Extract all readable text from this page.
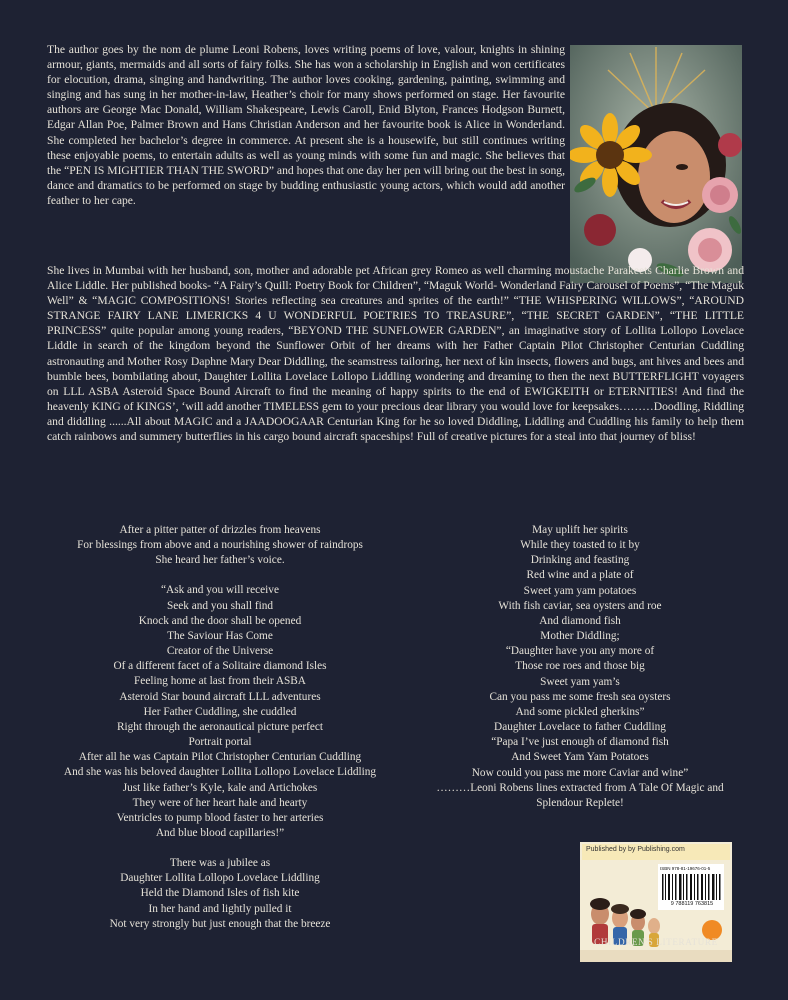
The author goes by the nom de plume Leoni Robens, loves writing poems of love, valour, knights in shining armour, giants, mermaids and all sorts of fairy folks. She has won a scholarship in English and won certificates for elocution, drama, singing and handwriting. The author loves cooking, gardening, painting, swimming and singing and has sung in her mother-in-law, Heather’s choir for many shows performed on stage. Her favourite authors are George Mac Donald, William Shakespeare, Lewis Caroll, Enid Blyton, Frances Hodgson Burnett, Edgar Allan Poe, Palmer Brown and Hans Christian Anderson and her favourite book is Alice in Wonderland. She completed her bachelor’s degree in commerce. At present she is a housewife, but still continues writing these enjoyable poems, to entertain adults as well as young minds with some fun and magic. She believes that the “PEN IS MIGHTIER THAN THE SWORD” and hopes that one day her pen will bring out the best in song, dance and dramatics to be performed on stage by budding enthusiastic young actors, which would add another feather to her cape.

She lives in Mumbai with her husband, son, mother and adorable pet African grey Romeo as well charming moustache Parakeets Charlie Brown and Alice Liddle. Her published books- “A Fairy’s Quill: Poetry Book for Children”, “Maguk World- Wonderland Fairy Carousel of Poems”, “The Maguk Well” & “MAGIC COMPOSITIONS! Stories reflecting sea creatures and sprites of the earth!” “THE WHISPERING WILLOWS”, “AROUND STRANGE FAIRY LANE LIMERICKS 4 U WONDERFUL POETRIES TO TREASURE”, “THE SECRET GARDEN”, “THE LITTLE PRINCESS” quite popular among young readers, “BEYOND THE SUNFLOWER GARDEN”, an imaginative story of Lollita Lollopo Lovelace Liddle in search of the kingdom beyond the Sunflower Orbit of her dreams with her Father Captain Pilot Christopher Centurian Cuddling astronauting and Mother Rosy Daphne Mary Dear Diddling, the seamstress tailoring, her next of kin insects, flowers and bugs, ant hives and bees and bumble bees, bombilating about, Daughter Lollita Lovelace Lollopo Liddling wondering and dreaming to then the next BUTTERFLIGHT voyagers on LLL ASBA Asteroid Space Bound Aircraft to find the meaning of happy spirits to the end of EWIGKEITH or ETERNITIES! And find the heavenly KING of KINGS’, ‘will add another TIMELESS gem to your precious dear library you would love for keepsakes………Doodling, Riddling and diddling ......All about MAGIC and a JAADOOGAAR Centurian King for he so loved Diddling, Liddling and Cuddling his family to help them catch rainbows and summery butterflies in his cargo bound aircraft spaceships! Full of creative pictures for a steal into that journey of bliss!

After a pitter patter of drizzles from heavens
For blessings from above and a nourishing shower of raindrops
She heard her father’s voice.
“Ask and you will receive
Seek and you shall find
Knock and the door shall be opened
The Saviour Has Come
Creator of the Universe
Of a different facet of a Solitaire diamond Isles
Feeling home at last from their ASBA
Asteroid Star bound aircraft LLL adventures
Her Father Cuddling, she cuddled
Right through the aeronautical picture perfect
Portrait portal
After all he was Captain Pilot Christopher Centurian Cuddling
And she was his beloved daughter Lollita Lollopo Lovelace Liddling
Just like father’s Kyle, kale and Artichokes
They were of her heart hale and hearty
Ventricles to pump blood faster to her arteries
And blue blood capillaries!”
There was a jubilee as
Daughter Lollita Lollopo Lovelace Liddling
Held the Diamond Isles of fish kite
In her hand and lightly pulled it
Not very strongly but just enough that the breeze
May uplift her spirits
While they toasted to it by
Drinking and feasting
Red wine and a plate of
Sweet yam yam potatoes
With fish caviar, sea oysters and roe
And diamond fish
Mother Diddling;
“Daughter have you any more of
Those roe roes and those big
Sweet yam yam’s
Can you pass me some fresh sea oysters
And some pickled gherkins”
Daughter Lovelace to father Cuddling
“Papa I’ve just enough of diamond fish
And Sweet Yam Yam Potatoes
Now could you pass me more Caviar and wine”
………Leoni Robens lines extracted from A Tale Of Magic and
Splendour Replete!
Published by by Publishing.com
ISBN 978-81-19676-01-5
9 788119 763815
CHILDREN'S LITERATURE
